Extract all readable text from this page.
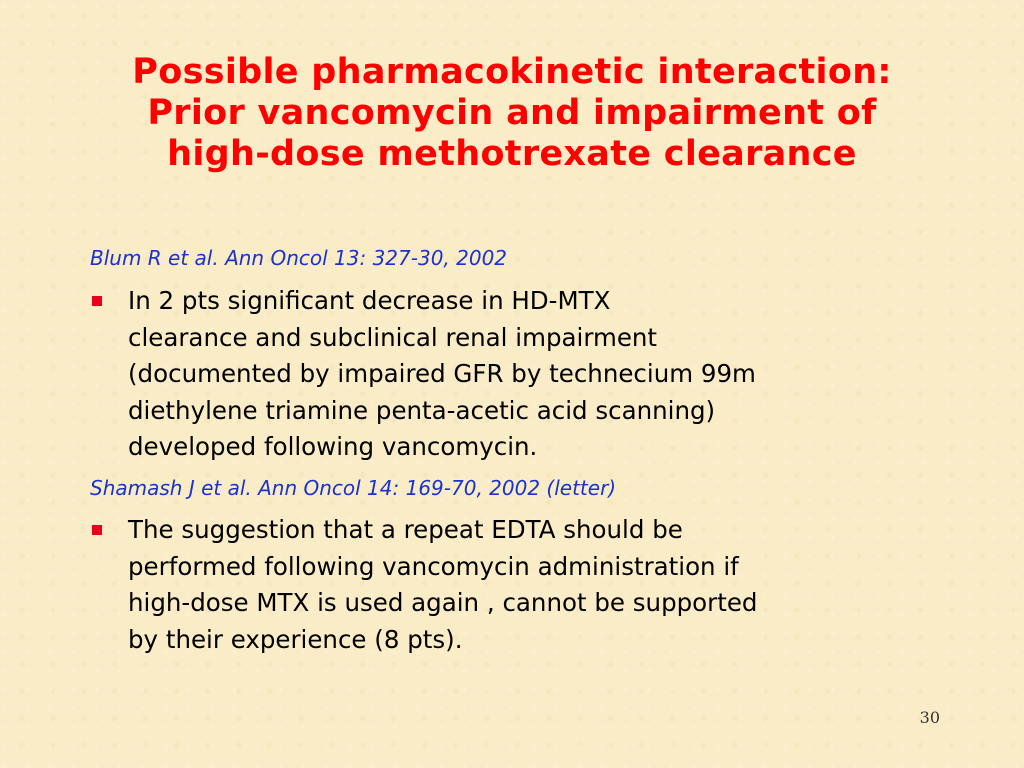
Possible pharmacokinetic interaction:
Prior vancomycin and impairment of
high-dose methotrexate clearance
Blum R et al. Ann Oncol 13: 327-30, 2002
In 2 pts significant decrease in HD-MTX
clearance and subclinical renal impairment
(documented by impaired GFR by technecium 99m
diethylene triamine penta-acetic acid scanning)
developed following vancomycin.
Shamash J et al. Ann Oncol 14: 169-70, 2002 (letter)
The suggestion that a repeat EDTA should be
performed following vancomycin administration if
high-dose MTX is used again , cannot be supported
by their experience (8 pts).
30
